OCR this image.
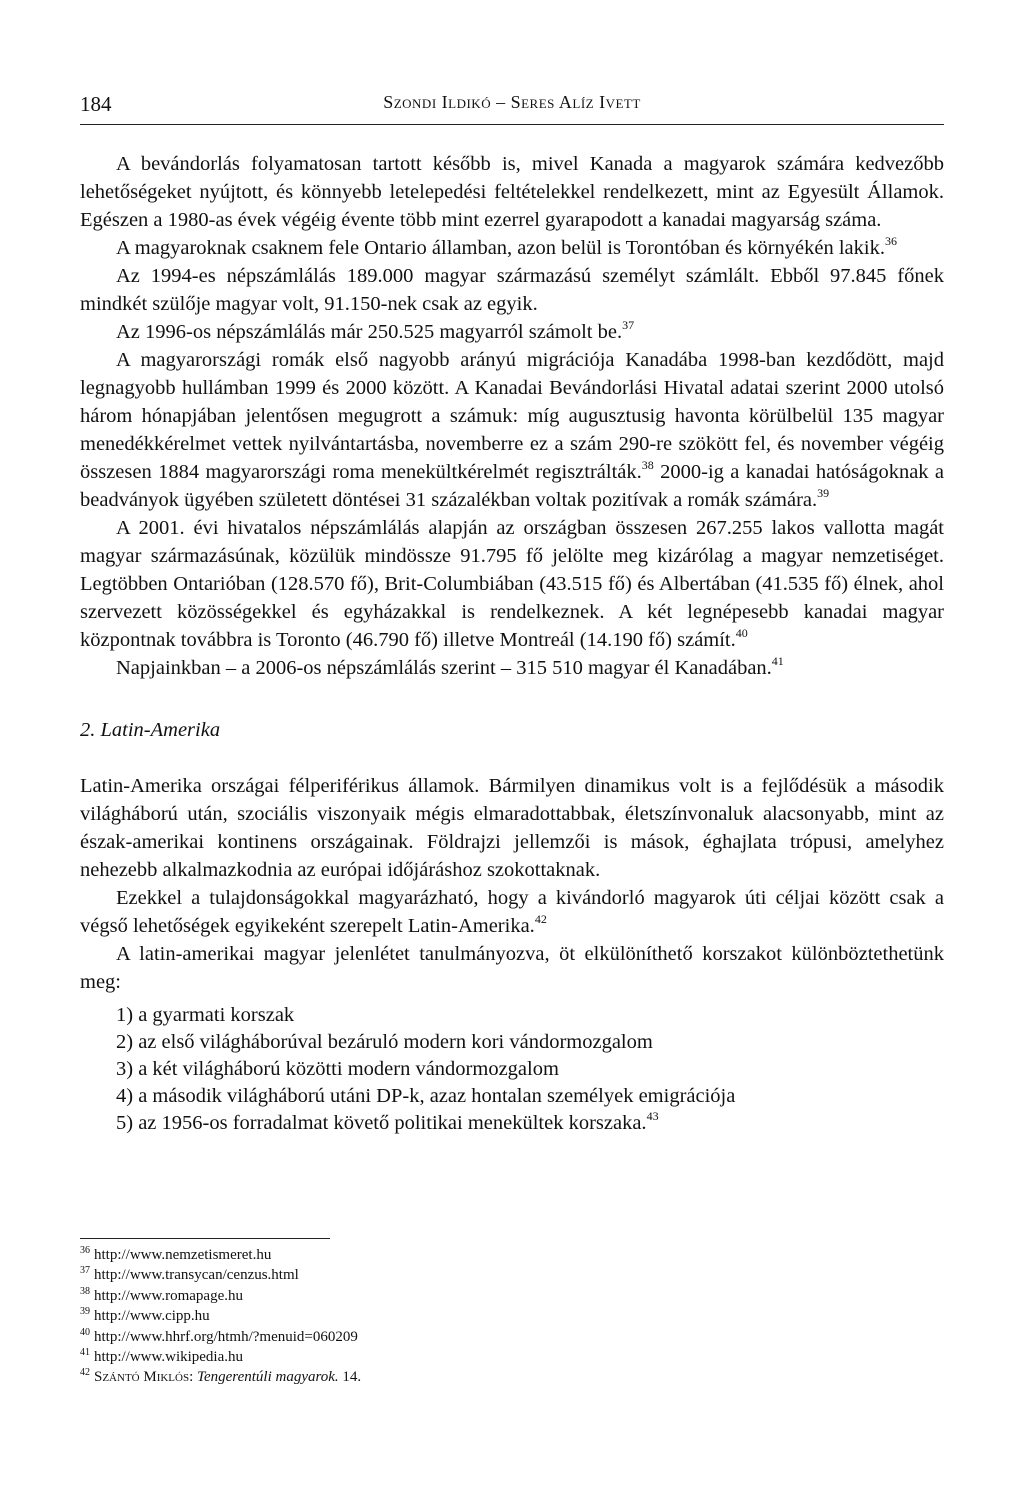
184	Szondi Ildikó – Seres Alíz Ivett

A bevándorlás folyamatosan tartott később is, mivel Kanada a magyarok számára kedvezőbb lehetőségeket nyújtott, és könnyebb letelepedési feltételekkel rendelkezett, mint az Egyesült Államok. Egészen a 1980-as évek végéig évente több mint ezerrel gyarapodott a kanadai magyarság száma.

A magyaroknak csaknem fele Ontario államban, azon belül is Torontóban és környékén lakik.$^{36}$

Az 1994-es népszámlálás 189.000 magyar származású személyt számlált. Ebből 97.845 főnek mindkét szülője magyar volt, 91.150-nek csak az egyik.

Az 1996-os népszámlálás már 250.525 magyarról számolt be.$^{37}$

A magyarországi romák első nagyobb arányú migrációja Kanadába 1998-ban kezdődött, majd legnagyobb hullámban 1999 és 2000 között. A Kanadai Bevándorlási Hivatal adatai szerint 2000 utolsó három hónapjában jelentősen megugrott a számuk: míg augusztusig havonta körülbelül 135 magyar menedékkérelmet vettek nyilvántartásba, novemberre ez a szám 290-re szökött fel, és november végéig összesen 1884 magyarországi roma menekültkérelmét regisztrálták.$^{38}$ 2000-ig a kanadai hatóságoknak a beadványok ügyében született döntései 31 százalékban voltak pozitívak a romák számára.$^{39}$

A 2001. évi hivatalos népszámlálás alapján az országban összesen 267.255 lakos vallotta magát magyar származásúnak, közülük mindössze 91.795 fő jelölte meg kizárólag a magyar nemzetiséget. Legtöbben Ontarióban (128.570 fő), Brit-Columbiában (43.515 fő) és Albertában (41.535 fő) élnek, ahol szervezett közösségekkel és egyházakkal is rendelkeznek. A két legnépesebb kanadai magyar központnak továbbra is Toronto (46.790 fő) illetve Montreál (14.190 fő) számít.$^{40}$

Napjainkban – a 2006-os népszámlálás szerint – 315 510 magyar él Kanadában.$^{41}$

2. Latin-Amerika

Latin-Amerika országai félperiférikus államok. Bármilyen dinamikus volt is a fejlődésük a második világháború után, szociális viszonyaik mégis elmaradottabbak, életszínvonaluk alacsonyabb, mint az észak-amerikai kontinens országainak. Földrajzi jellemzői is mások, éghajlata trópusi, amelyhez nehezebb alkalmazkodnia az európai időjáráshoz szokottaknak.

Ezekkel a tulajdonságokkal magyarázható, hogy a kivándorló magyarok úti céljai között csak a végső lehetőségek egyikeként szerepelt Latin-Amerika.$^{42}$

A latin-amerikai magyar jelenlétet tanulmányozva, öt elkülöníthető korszakot különböztethetünk meg:

1) a gyarmati korszak
2) az első világháborúval bezáruló modern kori vándormozgalom
3) a két világháború közötti modern vándormozgalom
4) a második világháború utáni DP-k, azaz hontalan személyek emigrációja
5) az 1956-os forradalmat követő politikai menekültek korszaka.$^{43}$
$^{36}$ http://www.nemzetismeret.hu
$^{37}$ http://www.transycan/cenzus.html
$^{38}$ http://www.romapage.hu
$^{39}$ http://www.cipp.hu
$^{40}$ http://www.hhrf.org/htmh/?menuid=060209
$^{41}$ http://www.wikipedia.hu
$^{42}$ Szántó Miklós: Tengerentúli magyarok. 14.
